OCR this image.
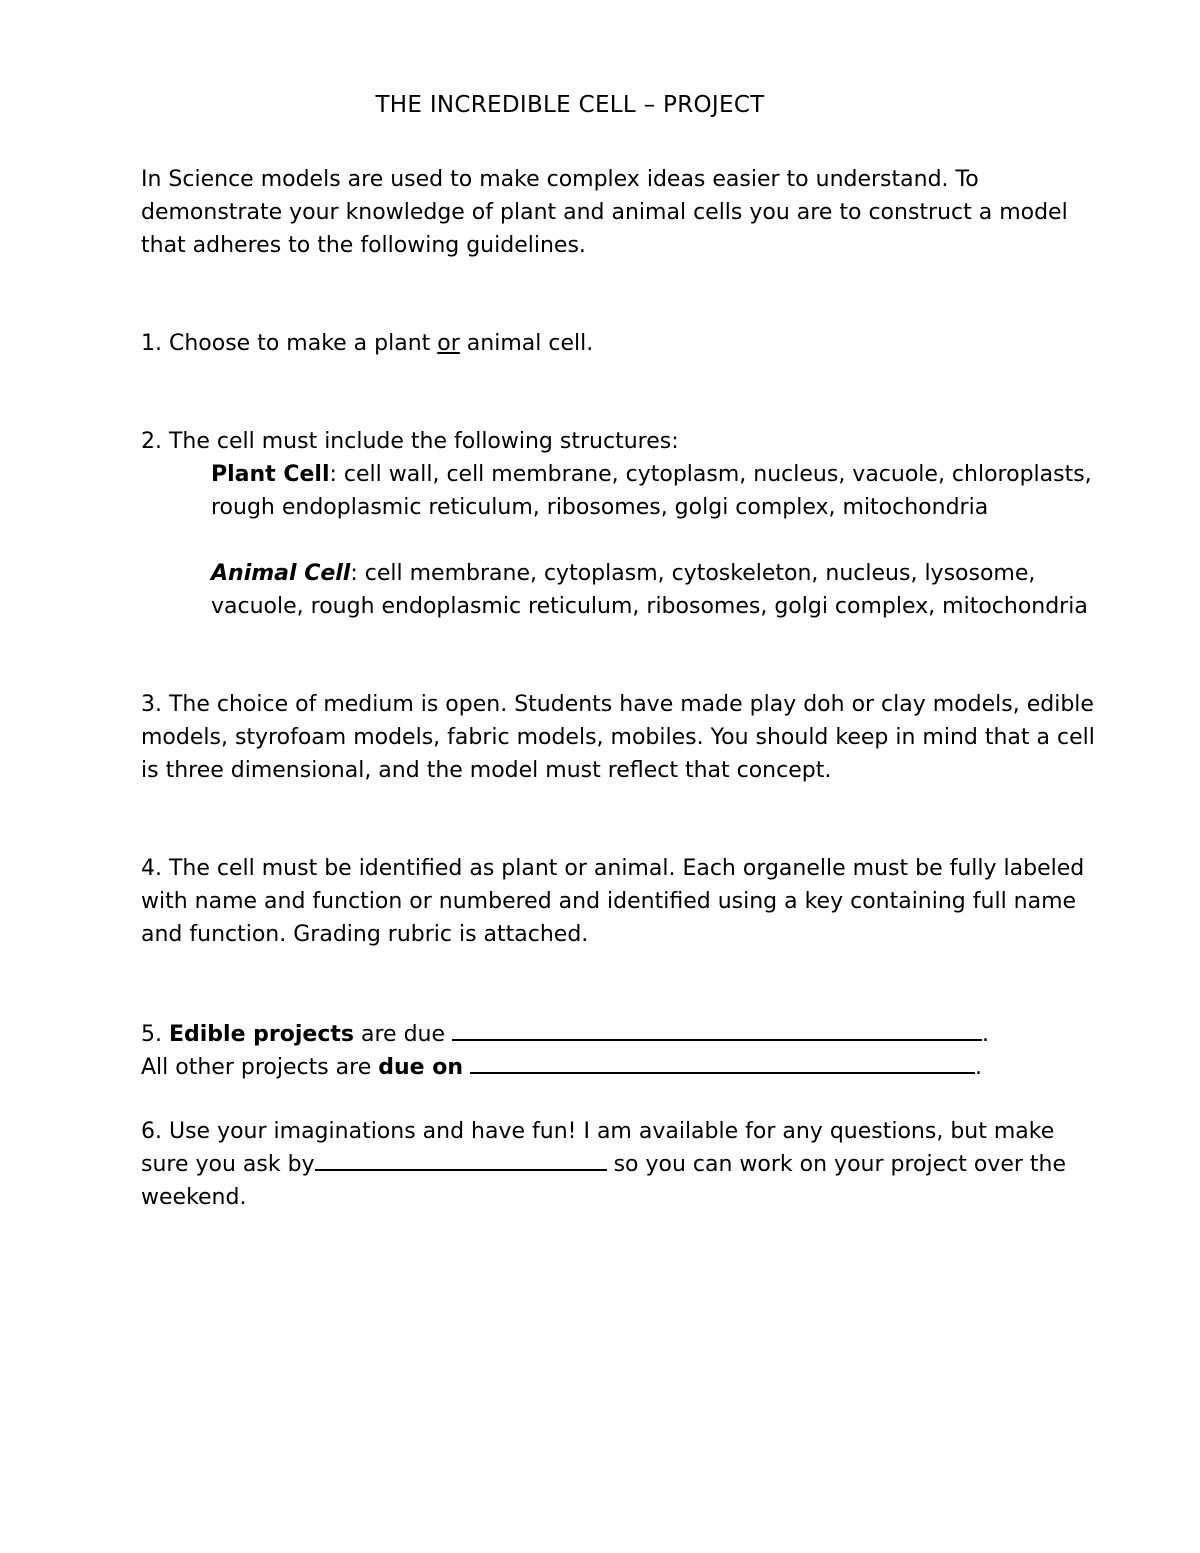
THE INCREDIBLE CELL – PROJECT
In Science models are used to make complex ideas easier to understand. To
demonstrate your knowledge of plant and animal cells you are to construct a model
that adheres to the following guidelines.
1. Choose to make a plant or animal cell.
2. The cell must include the following structures:
Plant Cell: cell wall, cell membrane, cytoplasm, nucleus, vacuole, chloroplasts,
rough endoplasmic reticulum, ribosomes, golgi complex, mitochondria
Animal Cell: cell membrane, cytoplasm, cytoskeleton, nucleus, lysosome,
vacuole, rough endoplasmic reticulum, ribosomes, golgi complex, mitochondria
3. The choice of medium is open. Students have made play doh or clay models, edible
models, styrofoam models, fabric models, mobiles. You should keep in mind that a cell
is three dimensional, and the model must reflect that concept.
4. The cell must be identified as plant or animal. Each organelle must be fully labeled
with name and function or numbered and identified using a key containing full name
and function. Grading rubric is attached.
5. Edible projects are due	.
All other projects are due on	.
6. Use your imaginations and have fun! I am available for any questions, but make
sure you ask by	so you can work on your project over the
weekend.
